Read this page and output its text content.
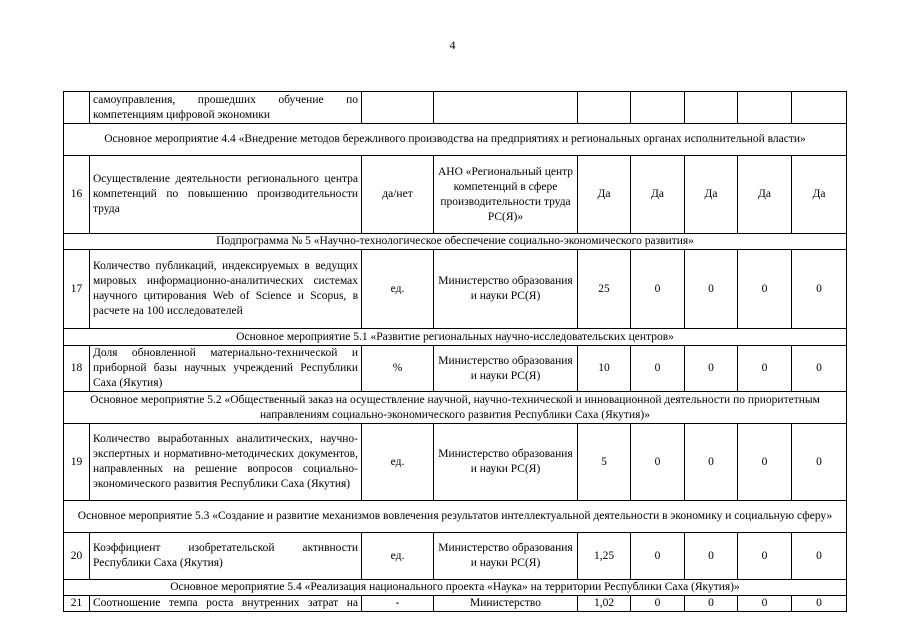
4
	самоуправления, прошедших обучение по компетенциям цифровой экономики							
Основное мероприятие 4.4 «Внедрение методов бережливого производства на предприятиях и региональных органах исполнительной власти»								
16	Осуществление деятельности регионального центра компетенций по повышению производительности труда	да/нет	АНО «Региональный центр компетенций в сфере производительности труда РС(Я)»	Да	Да	Да	Да	Да
Подпрограмма № 5 «Научно-технологическое обеспечение социально-экономического развития»								
17	Количество публикаций, индексируемых в ведущих мировых информационно-аналитических системах научного цитирования Web of Science и Scopus, в расчете на 100 исследователей	ед.	Министерство образования и науки РС(Я)	25	0	0	0	0
Основное мероприятие 5.1 «Развитие региональных научно-исследовательских центров»								
18	Доля обновленной материально-технической и приборной базы научных учреждений Республики Саха (Якутия)	%	Министерство образования и науки РС(Я)	10	0	0	0	0
Основное мероприятие 5.2 «Общественный заказ на осуществление научной, научно-технической и инновационной деятельности по приоритетным направлениям социально-экономического развития Республики Саха (Якутия)»								
19	Количество выработанных аналитических, научно-экспертных и нормативно-методических документов, направленных на решение вопросов социально-экономического развития Республики Саха (Якутия)	ед.	Министерство образования и науки РС(Я)	5	0	0	0	0
Основное мероприятие 5.3 «Создание и развитие механизмов вовлечения результатов интеллектуальной деятельности в экономику и социальную сферу»								
20	Коэффициент изобретательской активности Республики Саха (Якутия)	ед.	Министерство образования и науки РС(Я)	1,25	0	0	0	0
Основное мероприятие 5.4 «Реализация национального проекта «Наука» на территории Республики Саха (Якутия)»								
21	Соотношение темпа роста внутренних затрат на	-	Министерство	1,02	0	0	0	0
